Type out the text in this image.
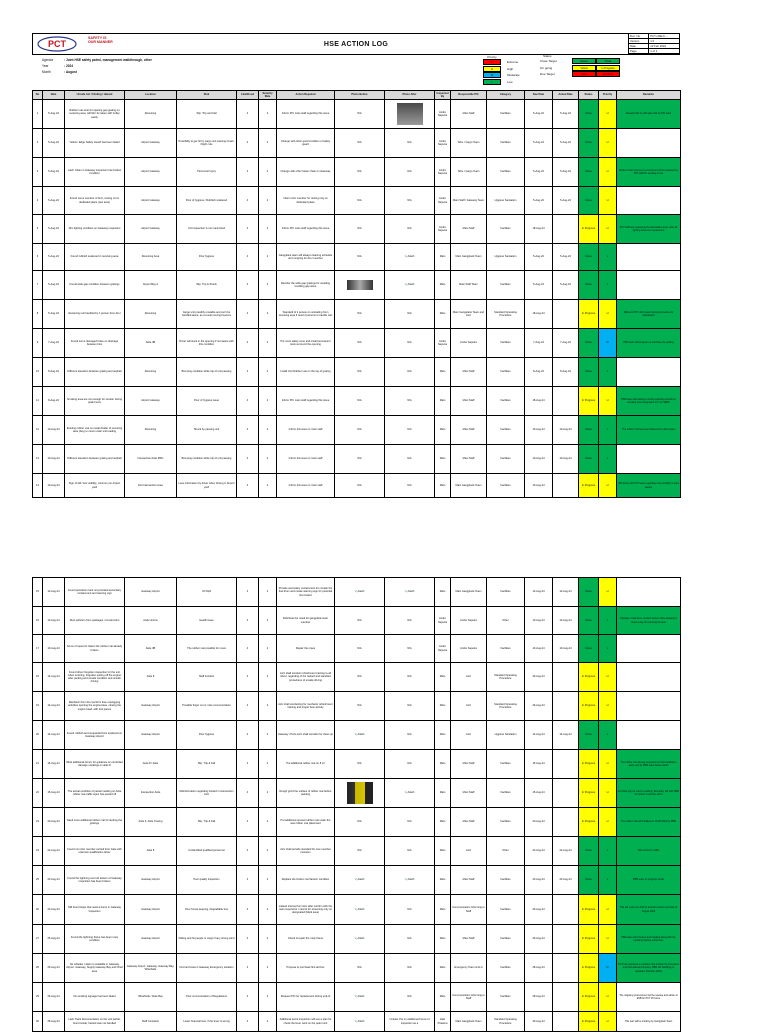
PCT
SAFETY IS
OUR MANNER	HSE ACTION LOG
Doc. No.	PCT-HSE-F-...
Version	1.0
Date	12 Feb 2024
Page	1 of 1
Agenda	: Joint HSE safety patrol, management walkthrough, other
Year	: 2024
Month	: August
Priority
E	Extreme
H	High
M	Moderate
L	Low
Status
Close Target	Green	Close
On going	Yellow	In Progress
Due Target	Red	Overdue
No	Date	Unsafe Act / Finding / Hazard	Location	Risk	Likelihood	Severity Rate	Action Required	Photo Before	Photo After	Inspected By	Responsible PIC	Category	Due Date	Actual Date	Status	Priority	Remarks
1	5-Aug-24	Rubber mat exist for spacing gap grating on receiving area, will fall / be taken with trolley easily	Receiving	Slip, Trip and Fall	4	2	Inform PIC main staff regarding this issue	N/A		Andre Saputra	Main Staff	Facilities	5-Aug-24	5-Aug-24	Close	H	Already hold on with gate that by PIC team
2	5-Aug-24	Yellow / Edge Safety Guard has been faded	Airport Gateway	Possibility to get hit by cargo unit causing Crash-Flight cuts	4	2	Change with other good condition of safety guard	N/A	N/A	Andre Saputra	Tahu / Cargo Team	Facilities	5-Aug-24	5-Aug-24	Close	H	
3	5-Aug-24	Latch Chain in Gateway inspection has broken condition	Airport Gateway	Personnel Injury	4	2	Change with other better chain on Gateway	N/A	N/A	Andre Saputra	Tahu / Cargo Team	Facilities	5-Aug-24	5-Aug-24	Close	H	Broken chain has been secured and will be replaced by PCT staff for sending to use
4	5-Aug-24	Found some member of ALU, resting not in dedicated place (rest area)	Airport Gateway	Poor of hygiene / Rubbish scattered	4	2	Inform ALU member for resting only on dedicated place	N/A	N/A	Andre Saputra	Main Staff / Gateway Team	Hygiene Sanitation	5-Aug-24	5-Aug-24	Close	H	
5	5-Aug-24	Dim lighting condition on Gateway inspection	Airport Gateway	Unit inspection is not maximized	4	2	Inform PIC main staff regarding this issue	N/A	N/A	Andre Saputra	Main Staff	Facilities	18-Aug-24		In Progress	H	PCT staff are measuring the illumination level, after all lighting based on requirement
6	5-Aug-24	Found rubbish scattered in receiving area	Receiving Area	Poor hygiene	4	2	Gangplank team will always cleaning schedule and mopping for ALU member	N/A	📎Attach	Main	Main Gangplank Team	Hygiene Sanitation	5-Aug-24	5-Aug-24	Close	L	
7	5-Aug-24	Found wide gap condition between gratings	Airport Bay A	Slip, Trip & Struck	4	2	Reorder the wide gap gratings for avoiding tumbling gap issue		📎Attach	Main	Main Staff Team	Facilities	5-Aug-24	5-Aug-24	Close	L	
8	5-Aug-24	Receiving unit handled by 1 person from ALU	Receiving	Cargo unit possibly unstable and can't be handled alone, as a result moving freezers	4	2	Standard of 2 person on unloading from receiving area if need 2 persons to handle cart	N/A	N/A	Main	Main Gangplank Team and ALU	Standard Operating Procedure	18-Aug-24		In Progress	H	SBG and PCT will create training procedure for beforehand
9	7-Aug-24	Found some damaged holes on drainage between bins	Aisle 3B	Driver will stuck in the opening if not aware with this condition	4	2	Put more safety cone and install permanent tools surround the opening	N/A	N/A	Andre Saputra	Andre Saputra	Facilities	7-Aug-24	7-Aug-24	Close	M	PBM team still progress to purchase the grating
10	8-Aug-24	Different elevation between grating and asphalt	Receiving	Bumping condition while trip of unit passing	4	2	Install Unit Rubber mat on the top of grating	N/A	N/A	Main	Main Staff	Facilities	8-Aug-24	8-Aug-24	Close	L	
11	8-Aug-24	Smoking area are not enough for smoker during peak hours	Airport Gateway	Poor of hygiene issue	4	2	Inform PIC main staff regarding this issue	N/A	N/A	Main	Main Staff	Facilities	18-Aug-24		In Progress	H	PBM team still waiting to study regarding combined smoking area designated for it by SEBP
12	10-Aug-24	Existing rubber mat on metal divider of receiving area (bay) to move under unit loading	Receiving	Struck by passing unit	4	2	Inform this issue to main staff	N/A	N/A	Main	Main Staff	Facilities	10-Aug-24	10-Aug-24	Close	L	The rubber mat has been fastened by using ropes
13	10-Aug-24	Different elevation between grating and asphalt	Intersection Aisle 3B/C	Bumping condition while trip of unit passing	4	2	Inform this issue to main staff	N/A	N/A	Main	Main Staff	Facilities	10-Aug-24	10-Aug-24	Close	L	
14	10-Aug-24	Sign of fall / low visibility, minimum on Airport yard	Exit Intersection Area	Less information by driver when driving in Airport yard	4	2	Inform this issue to main staff	N/A	N/A	Main	Main Gangplank Team	Facilities	10-Aug-24		In Progress	H	Will study with PCT team regarding more visibility in yard aspect
15	12-Aug-24	Found petroleum tank not provided secondary containment and warning sign	Gateway Airport	Oil Spill	4	2	Provide secondary containment for contain the fuel drum and create warning sign for potential fire hazard	📎Attach	📎Attach	Main	Main Gangplank Team	Facilities	12-Aug-24	12-Aug-24	Close	H	
16	13-Aug-24	Dust pollution from packages / construction	Aisle Unions	Health issue	4	2	Distribute the mask for gangplank team member	N/A	N/A	Andre Saputra	Andre Saputra	Other	13-Aug-24	13-Aug-24	Close	L	Package 3 has been conduct worker while spraying 3 times a day for reducing the dust
17	13-Aug-24	Some of ropes for fasten the rubber mat already broken	Aisle 3B	The rubber mat possible for move	4	2	Repair the ropes	N/A	N/A	Andre Saputra	Andre Saputra	Facilities	13-Aug-24	13-Aug-24	Close	L	
18	14-Aug-24	Found driver forgotten inspection for the unit when entering, forgotten putting off the engine after parking and unsafe condition and unsafe driving	Aisle 8	Staff Incident	4	2	ALU shall conduct refreshment training to all driver, regarding of the hazard and standard procedures of unsafe driving	N/A	N/A	Main	ALU	Standard Operating Procedure	26-Aug-24		In Progress	H	
19	14-Aug-24	Mechanic from ALU perform fuse unplugging activities opening the engine base, closing the engine head, with tool pieces	Gateway Airport	Possible finger cut or miss communication	4	2	ALU shall conducting for mechanic refreshment training and proper fuse activity	N/A	N/A	Main	ALU	Standard Operating Procedure	26-Aug-24		In Progress	H	
20	14-Aug-24	Found rubbish and unguarded bins scattered on Gateway Airport	Gateway Airport	Poor hygiene	4	2	Gateway / Ports ALU shall consider for clean up	📎Attach	N/A	Main	ALU	Hygiene Sanitation	14-Aug-24	14-Aug-24	Close	L	
21	15-Aug-24	Wide additional circuit, for guidance on controlled damage markings on aisle 8	Aisle 8 / Aisle	Slip, Trip & Fall	4	2	Put additional rubber mat on 8 ml	N/A	N/A	Main	Main Staff	Facilities	15-Aug-24		In Progress	H	The rubber mat already prepared and will installation early next by PBM team before install
22	15-Aug-24	The actual condition of partial marking on Aisle rubber mat traffic signs has peeled off	Intersection Aisle	Misinformation regarding hazard in intersection ALU	4	2	Rough grind the surface of rubber mat before painting		📎Attach	Main	Main Staff	Facilities	15-Aug-24		In Progress	H	For Aisle sign to road re-marking, Boundary will with PBM for further to add the effort
23	20-Aug-24	Need more additional rubber mat for landing the gratings	Aisle 3, Aisle Tracing	Slip, Trip & Fall	4	2	Put additional unused rubber mat under the new rubber mat placement	N/A	N/A	Main	Main Staff	Facilities	20-Aug-24		In Progress	H	The rubber mat will installed on 15-08-2024 by PBM
24	22-Aug-24	Found non ALU member carried from Gate with unknown qualification driver	Aisle 8	Unidentified qualified personnel	4	2	ALU shall provide standard for new member inclusion	N/A	N/A	Main	ALU	Other	22-Aug-24	22-Aug-24	Close	L	Will conform to SBG
25	23-Aug-24	Found the lightning roof rod lantern of Gateway inspection has been broken	Gateway Airport	Poor quality inspection	4	2	Replace the broken roof lantern condition	📎Attach	📎Attach	Main	Main Staff	Facilities	23-Aug-24	23-Aug-24	Close	L	PBM team on progress repair
26	23-Aug-24	Still found Gaps that need a bump in Gateway Inspection	Gateway Airport	Poor house keeping, Degradable bus	4	2	Liaised interna from ALU after confirm with the main supervisor / cannot for screening only on designated (Mark area)	📎Attach	N/A	Main	Communication Informing to Staff	Facilities	26-Aug-24		In Progress	H	This will under the draft of annual Incident technical 13 August 2024
27	25-Aug-24	Found the lightning frame has been rusty condition	Gateway Airport	Falling and hit people or cargo if any strong wind	4	2	Check & repair the rusty frame	📎Attach	N/A	Main	Main Staff	Facilities	26-Aug-24		In Progress	H	PBM team still checked and installed along with the repairing lighting subsurface
28	26-Aug-24	No whistles / alarm is available in Gateway Airport, Gateway, Supply Gateway Bay and Chief area	Gateway Airport, Gateway, Gateway Bay, Wharfside	Find and Area in Gateway Emergency situation	4	2	Propose to purchase first aid box	N/A	N/A	Main	Emergency Team & ALU	Facilities	28-Aug-24		In Progress	M	PCT has proposed a quotation that outside for processed and international company, PBM will handling on quotation (October 2024)
29	26-Aug-24	No smoking signage has been faded	Wharfside / Aisle Bay	Poor communication of Regulations	4	2	Request PIC for replacement during end-of	📎Attach	N/A	Main	Communication Informing to Staff	Facilities	28-Aug-24		In Progress	H	The mapping procurement will be release and admin at ESB for PCT Province
30	28-Aug-24	Lack Track Documentation on the unit partial, found inside, hazard was not handled	Staff Container	Lower financial loss, if the lever is wrong	4	2	Additional petrol inspection will use a plan for check the lever work on the petrol unit	📎Attach	Unload, Put on additional Forms of inspection as a	Zaki Pratama	Main Gangplank Team	Standard Operating Procedure	30-Aug-24		In Progress	H	This part will be tracking by Gangplank Team
